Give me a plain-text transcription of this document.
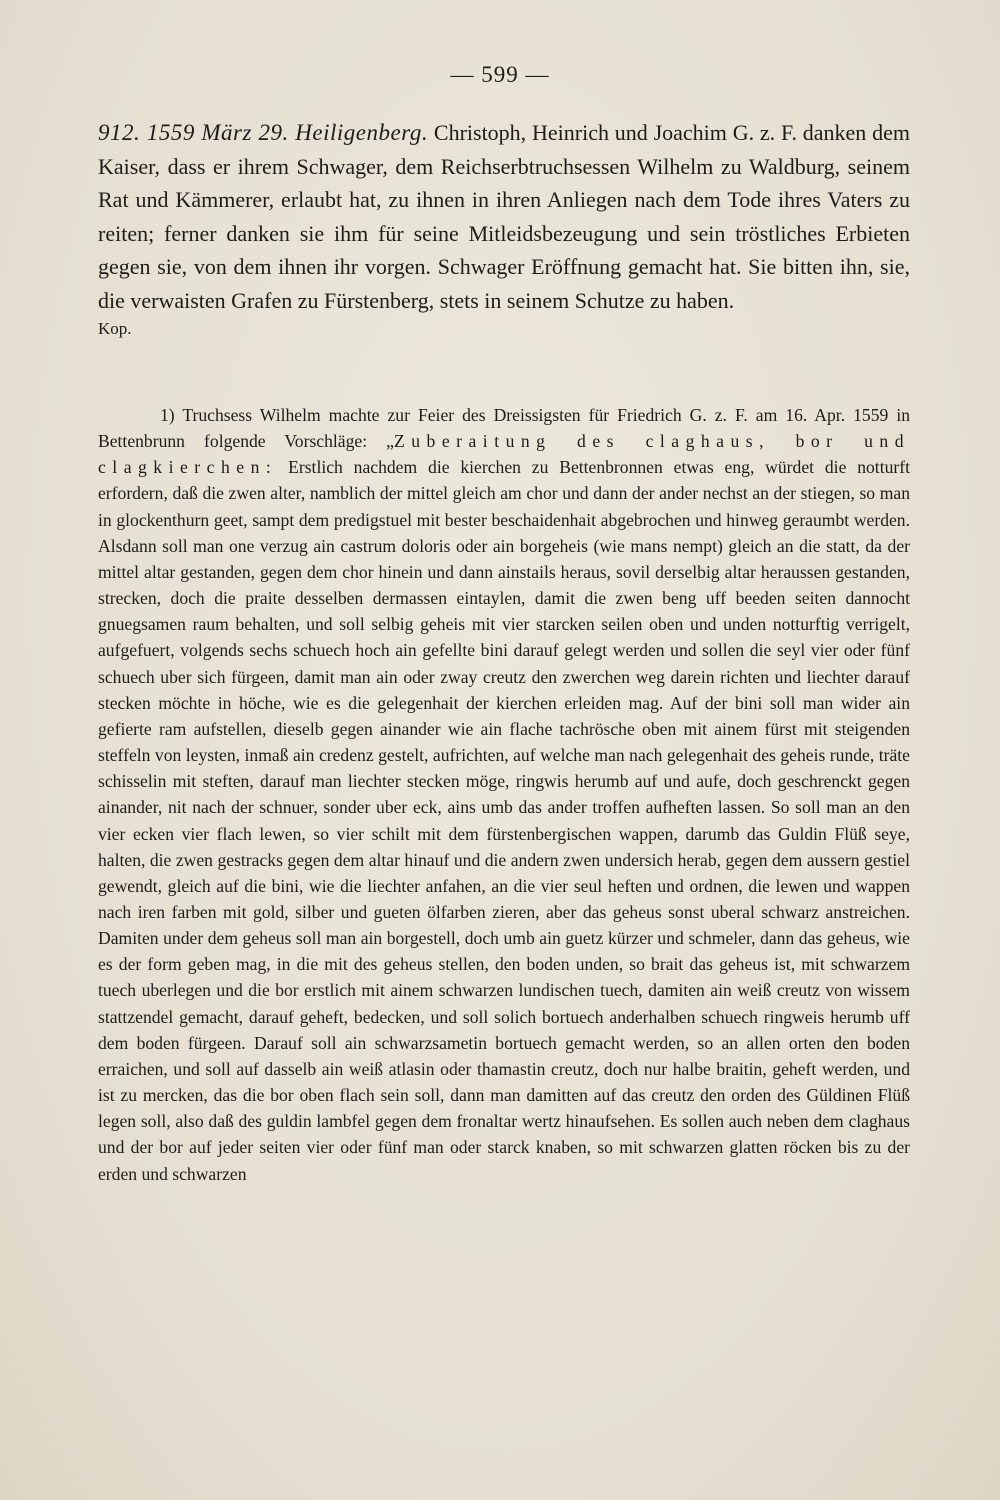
— 599 —

912. 1559 März 29. Heiligenberg. Christoph, Heinrich und Joachim G. z. F. danken dem Kaiser, dass er ihrem Schwager, dem Reichserbtruchsessen Wilhelm zu Waldburg, seinem Rat und Kämmerer, erlaubt hat, zu ihnen in ihren Anliegen nach dem Tode ihres Vaters zu reiten; ferner danken sie ihm für seine Mitleidsbezeugung und sein tröstliches Erbieten gegen sie, von dem ihnen ihr vorgen. Schwager Eröffnung gemacht hat. Sie bitten ihn, sie, die verwaisten Grafen zu Fürstenberg, stets in seinem Schutze zu haben.
Kop.

1) Truchsess Wilhelm machte zur Feier des Dreissigsten für Friedrich G. z. F. am 16. Apr. 1559 in Bettenbrunn folgende Vorschläge: „Zuberaitung des claghaus, bor und clagkierchen: Erstlich nachdem die kierchen zu Bettenbronnen etwas eng, würdet die notturft erfordern, daß die zwen alter, namblich der mittel gleich am chor und dann der ander nechst an der stiegen, so man in glockenthurn geet, sampt dem predigstuel mit bester beschaidenhait abgebrochen und hinweg geraumbt werden. Alsdann soll man one verzug ain castrum doloris oder ain borgeheis (wie mans nempt) gleich an die statt, da der mittel altar gestanden, gegen dem chor hinein und dann ainstails heraus, sovil derselbig altar heraussen gestanden, strecken, doch die praite desselben dermassen eintaylen, damit die zwen beng uff beeden seiten dannocht gnuegsamen raum behalten, und soll selbig geheis mit vier starcken seilen oben und unden notturftig verrigelt, aufgefuert, volgends sechs schuech hoch ain gefellte bini darauf gelegt werden und sollen die seyl vier oder fünf schuech uber sich fürgeen, damit man ain oder zway creutz den zwerchen weg darein richten und liechter darauf stecken möchte in höche, wie es die gelegenhait der kierchen erleiden mag. Auf der bini soll man wider ain gefierte ram aufstellen, dieselb gegen ainander wie ain flache tachrösche oben mit ainem fürst mit steigenden steffeln von leysten, inmaß ain credenz gestelt, aufrichten, auf welche man nach gelegenhait des geheis runde, träte schisselin mit steften, darauf man liechter stecken möge, ringwis herumb auf und aufe, doch geschrenckt gegen ainander, nit nach der schnuer, sonder uber eck, ains umb das ander troffen aufheften lassen. So soll man an den vier ecken vier flach lewen, so vier schilt mit dem fürstenbergischen wappen, darumb das Guldin Flüß seye, halten, die zwen gestracks gegen dem altar hinauf und die andern zwen undersich herab, gegen dem aussern gestiel gewendt, gleich auf die bini, wie die liechter anfahen, an die vier seul heften und ordnen, die lewen und wappen nach iren farben mit gold, silber und gueten ölfarben zieren, aber das geheus sonst uberal schwarz anstreichen. Damiten under dem geheus soll man ain borgestell, doch umb ain guetz kürzer und schmeler, dann das geheus, wie es der form geben mag, in die mit des geheus stellen, den boden unden, so brait das geheus ist, mit schwarzem tuech uberlegen und die bor erstlich mit ainem schwarzen lundischen tuech, damiten ain weiß creutz von wissem stattzendel gemacht, darauf geheft, bedecken, und soll solich bortuech anderhalben schuech ringweis herumb uff dem boden fürgeen. Darauf soll ain schwarzsametin bortuech gemacht werden, so an allen orten den boden erraichen, und soll auf dasselb ain weiß atlasin oder thamastin creutz, doch nur halbe braitin, geheft werden, und ist zu mercken, das die bor oben flach sein soll, dann man damitten auf das creutz den orden des Güldinen Flüß legen soll, also daß des guldin lambfel gegen dem fronaltar wertz hinaufsehen. Es sollen auch neben dem claghaus und der bor auf jeder seiten vier oder fünf man oder starck knaben, so mit schwarzen glatten röcken bis zu der erden und schwarzen
